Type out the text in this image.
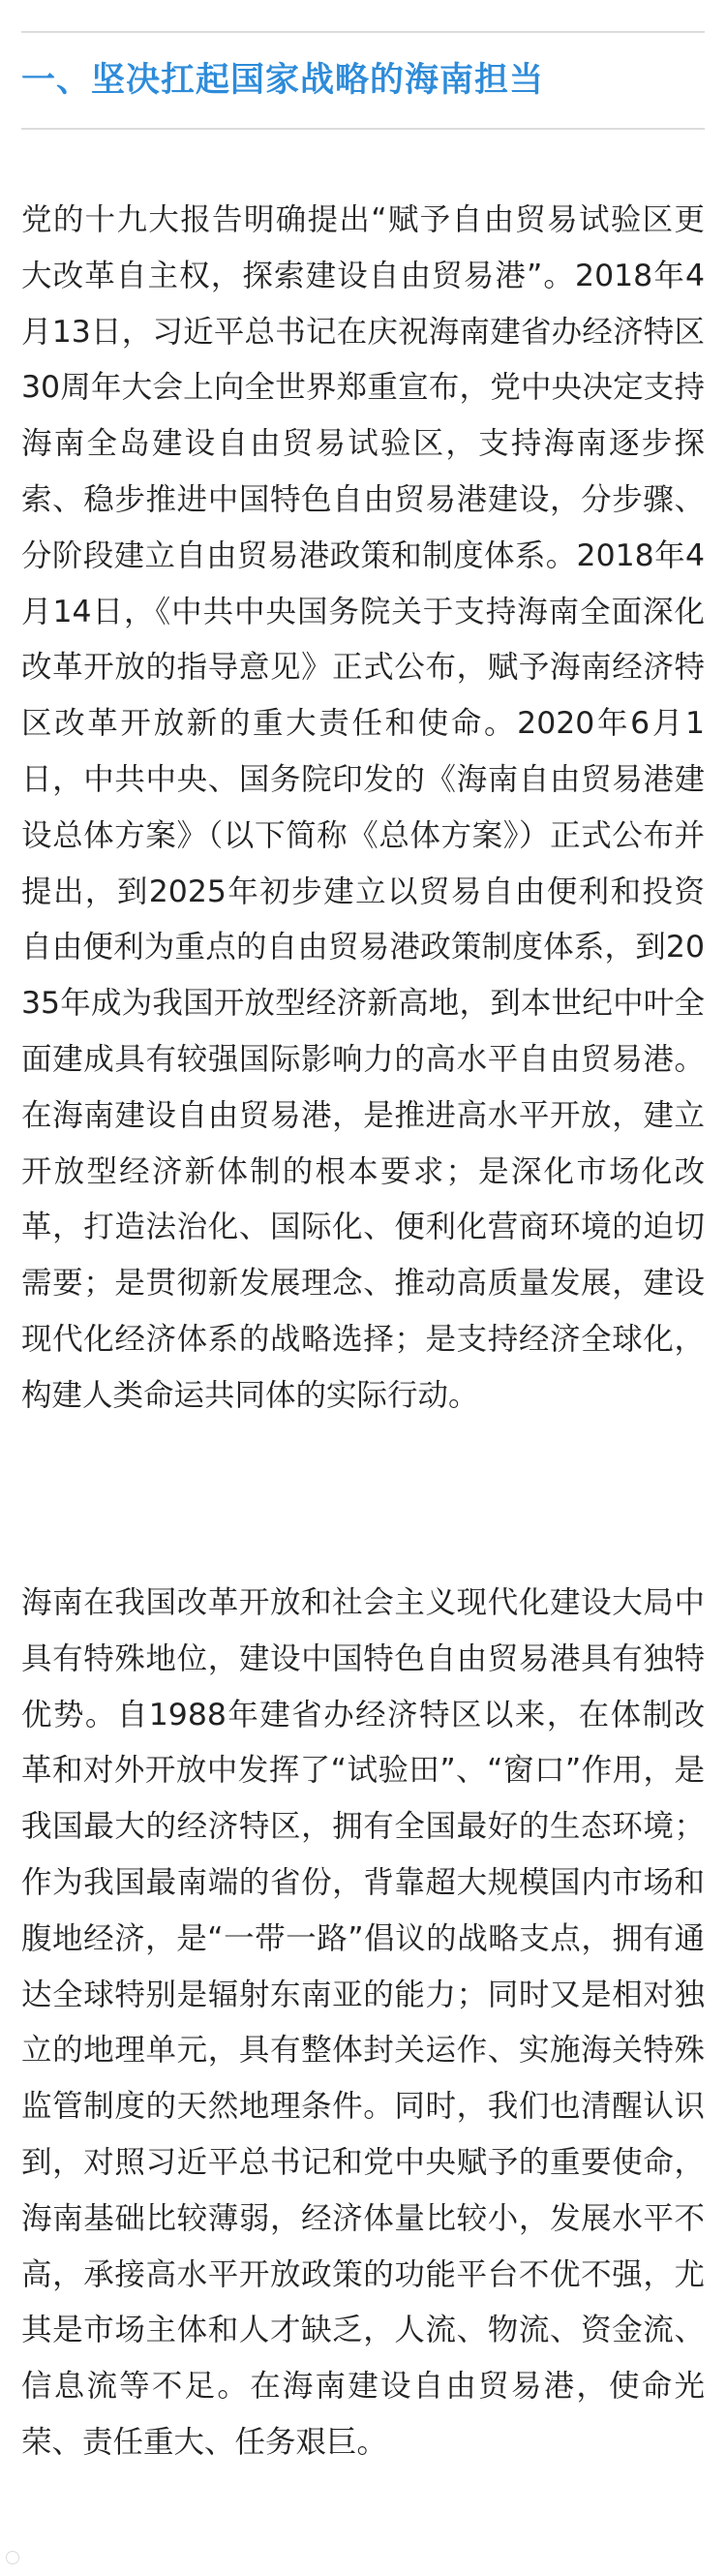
一、坚决扛起国家战略的海南担当

党的十九大报告明确提出“赋予自由贸易试验区更大改革自主权，探索建设自由贸易港”。2018年4月13日，习近平总书记在庆祝海南建省办经济特区30周年大会上向全世界郑重宣布，党中央决定支持海南全岛建设自由贸易试验区，支持海南逐步探索、稳步推进中国特色自由贸易港建设，分步骤、分阶段建立自由贸易港政策和制度体系。2018年4月14日，《中共中央国务院关于支持海南全面深化改革开放的指导意见》正式公布，赋予海南经济特区改革开放新的重大责任和使命。2020年6月1日，中共中央、国务院印发的《海南自由贸易港建设总体方案》（以下简称《总体方案》）正式公布并提出，到2025年初步建立以贸易自由便利和投资自由便利为重点的自由贸易港政策制度体系，到2035年成为我国开放型经济新高地，到本世纪中叶全面建成具有较强国际影响力的高水平自由贸易港。在海南建设自由贸易港，是推进高水平开放，建立开放型经济新体制的根本要求；是深化市场化改革，打造法治化、国际化、便利化营商环境的迫切需要；是贯彻新发展理念、推动高质量发展，建设现代化经济体系的战略选择；是支持经济全球化，构建人类命运共同体的实际行动。

海南在我国改革开放和社会主义现代化建设大局中具有特殊地位，建设中国特色自由贸易港具有独特优势。自1988年建省办经济特区以来，在体制改革和对外开放中发挥了“试验田”、“窗口”作用，是我国最大的经济特区，拥有全国最好的生态环境；作为我国最南端的省份，背靠超大规模国内市场和腹地经济，是“一带一路”倡议的战略支点，拥有通达全球特别是辐射东南亚的能力；同时又是相对独立的地理单元，具有整体封关运作、实施海关特殊监管制度的天然地理条件。同时，我们也清醒认识到，对照习近平总书记和党中央赋予的重要使命，海南基础比较薄弱，经济体量比较小，发展水平不高，承接高水平开放政策的功能平台不优不强，尤其是市场主体和人才缺乏，人流、物流、资金流、信息流等不足。在海南建设自由贸易港，使命光荣、责任重大、任务艰巨。
